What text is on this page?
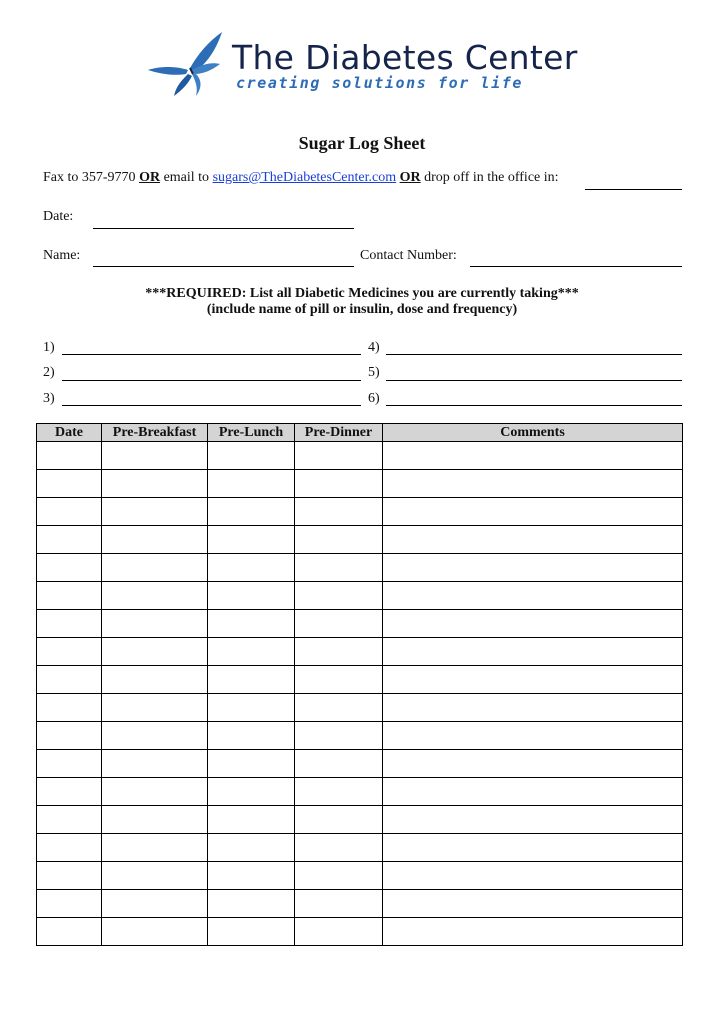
The Diabetes Center
creating solutions for life
Sugar Log Sheet
Fax to 357-9770 OR email to sugars@TheDiabetesCenter.com OR drop off in the office in:
Date:
Name:	Contact Number:
***REQUIRED: List all Diabetic Medicines you are currently taking***
(include name of pill or insulin, dose and frequency)
1)
2)
3)
4)
5)
6)
Date	Pre-Breakfast	Pre-Lunch	Pre-Dinner	Comments
